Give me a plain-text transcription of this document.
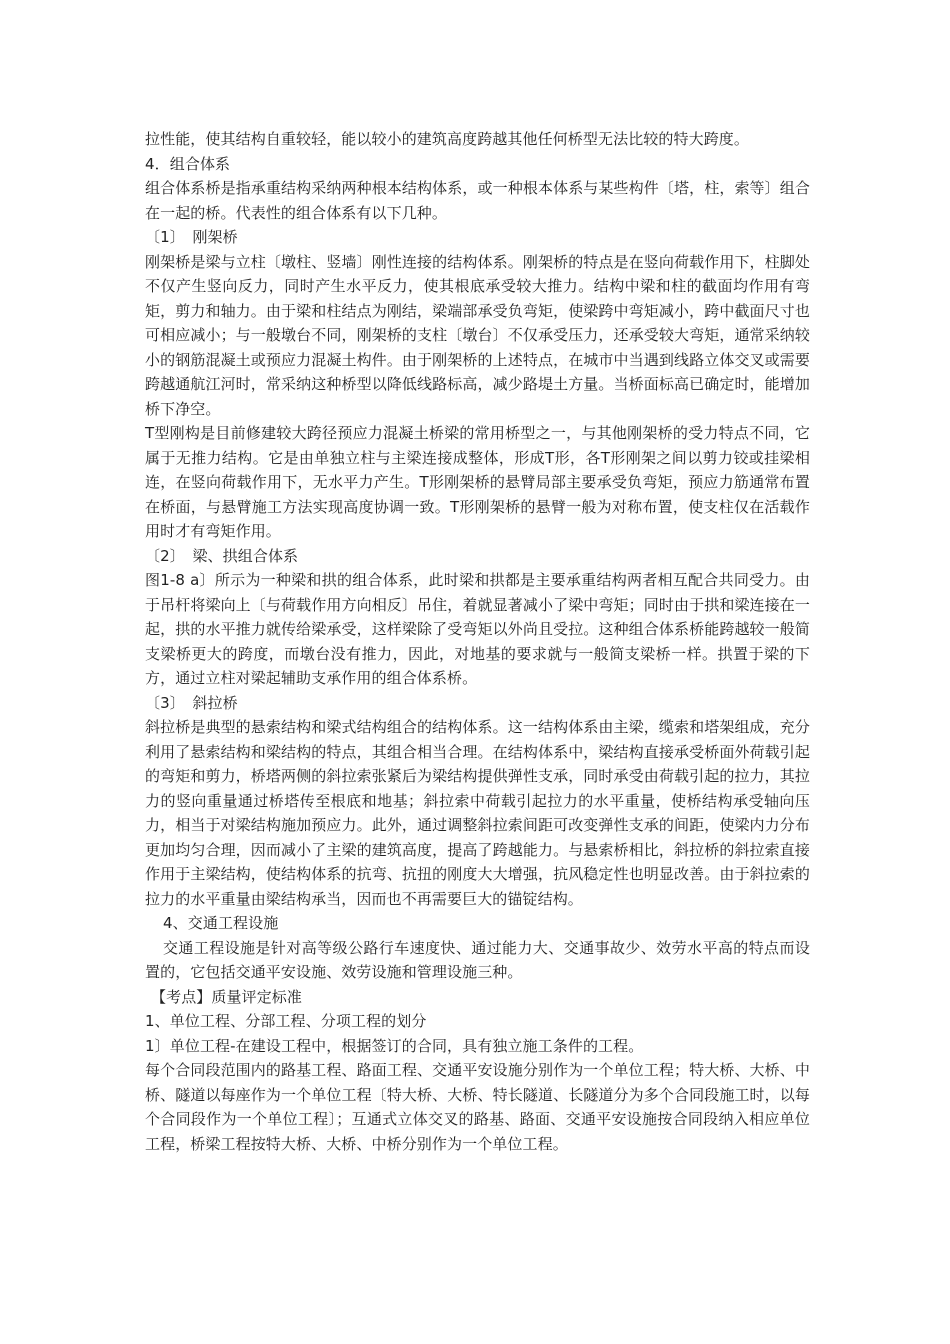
拉性能，使其结构自重较轻，能以较小的建筑高度跨越其他任何桥型无法比较的特大跨度。

4．组合体系

组合体系桥是指承重结构采纳两种根本结构体系，或一种根本体系与某些构件〔塔，柱，索等〕组合在一起的桥。代表性的组合体系有以下几种。

〔1〕　刚架桥

刚架桥是梁与立柱〔墩柱、竖墙〕刚性连接的结构体系。刚架桥的特点是在竖向荷载作用下，柱脚处不仅产生竖向反力，同时产生水平反力，使其根底承受较大推力。结构中梁和柱的截面均作用有弯矩，剪力和轴力。由于梁和柱结点为刚结，梁端部承受负弯矩，使梁跨中弯矩减小，跨中截面尺寸也可相应减小；与一般墩台不同，刚架桥的支柱〔墩台〕不仅承受压力，还承受较大弯矩，通常采纳较小的钢筋混凝土或预应力混凝土构件。由于刚架桥的上述特点，在城市中当遇到线路立体交叉或需要跨越通航江河时，常采纳这种桥型以降低线路标高，减少路堤土方量。当桥面标高已确定时，能增加桥下净空。

T型刚构是目前修建较大跨径预应力混凝土桥梁的常用桥型之一，与其他刚架桥的受力特点不同，它属于无推力结构。它是由单独立柱与主梁连接成整体，形成T形，各T形刚架之间以剪力铰或挂梁相连，在竖向荷载作用下，无水平力产生。T形刚架桥的悬臂局部主要承受负弯矩，预应力筋通常布置在桥面，与悬臂施工方法实现高度协调一致。T形刚架桥的悬臂一般为对称布置，使支柱仅在活载作用时才有弯矩作用。

〔2〕　梁、拱组合体系

图1-8 a〕所示为一种梁和拱的组合体系，此时梁和拱都是主要承重结构两者相互配合共同受力。由于吊杆将梁向上〔与荷载作用方向相反〕吊住，着就显著减小了梁中弯矩；同时由于拱和梁连接在一起，拱的水平推力就传给梁承受，这样梁除了受弯矩以外尚且受拉。这种组合体系桥能跨越较一般简支梁桥更大的跨度，而墩台没有推力，因此，对地基的要求就与一般简支梁桥一样。拱置于梁的下方，通过立柱对梁起辅助支承作用的组合体系桥。

〔3〕　斜拉桥

斜拉桥是典型的悬索结构和梁式结构组合的结构体系。这一结构体系由主梁，缆索和塔架组成，充分利用了悬索结构和梁结构的特点，其组合相当合理。在结构体系中，梁结构直接承受桥面外荷载引起的弯矩和剪力，桥塔两侧的斜拉索张紧后为梁结构提供弹性支承，同时承受由荷载引起的拉力，其拉力的竖向重量通过桥塔传至根底和地基；斜拉索中荷载引起拉力的水平重量，使桥结构承受轴向压力，相当于对梁结构施加预应力。此外，通过调整斜拉索间距可改变弹性支承的间距，使梁内力分布更加均匀合理，因而减小了主梁的建筑高度，提高了跨越能力。与悬索桥相比，斜拉桥的斜拉索直接作用于主梁结构，使结构体系的抗弯、抗扭的刚度大大增强，抗风稳定性也明显改善。由于斜拉索的拉力的水平重量由梁结构承当，因而也不再需要巨大的锚锭结构。

4、交通工程设施

交通工程设施是针对高等级公路行车速度快、通过能力大、交通事故少、效劳水平高的特点而设置的，它包括交通平安设施、效劳设施和管理设施三种。

【考点】质量评定标准

1、单位工程、分部工程、分项工程的划分

1〕单位工程-在建设工程中，根据签订的合同，具有独立施工条件的工程。

每个合同段范围内的路基工程、路面工程、交通平安设施分别作为一个单位工程；特大桥、大桥、中桥、隧道以每座作为一个单位工程〔特大桥、大桥、特长隧道、长隧道分为多个合同段施工时，以每个合同段作为一个单位工程〕；互通式立体交叉的路基、路面、交通平安设施按合同段纳入相应单位工程，桥梁工程按特大桥、大桥、中桥分别作为一个单位工程。
